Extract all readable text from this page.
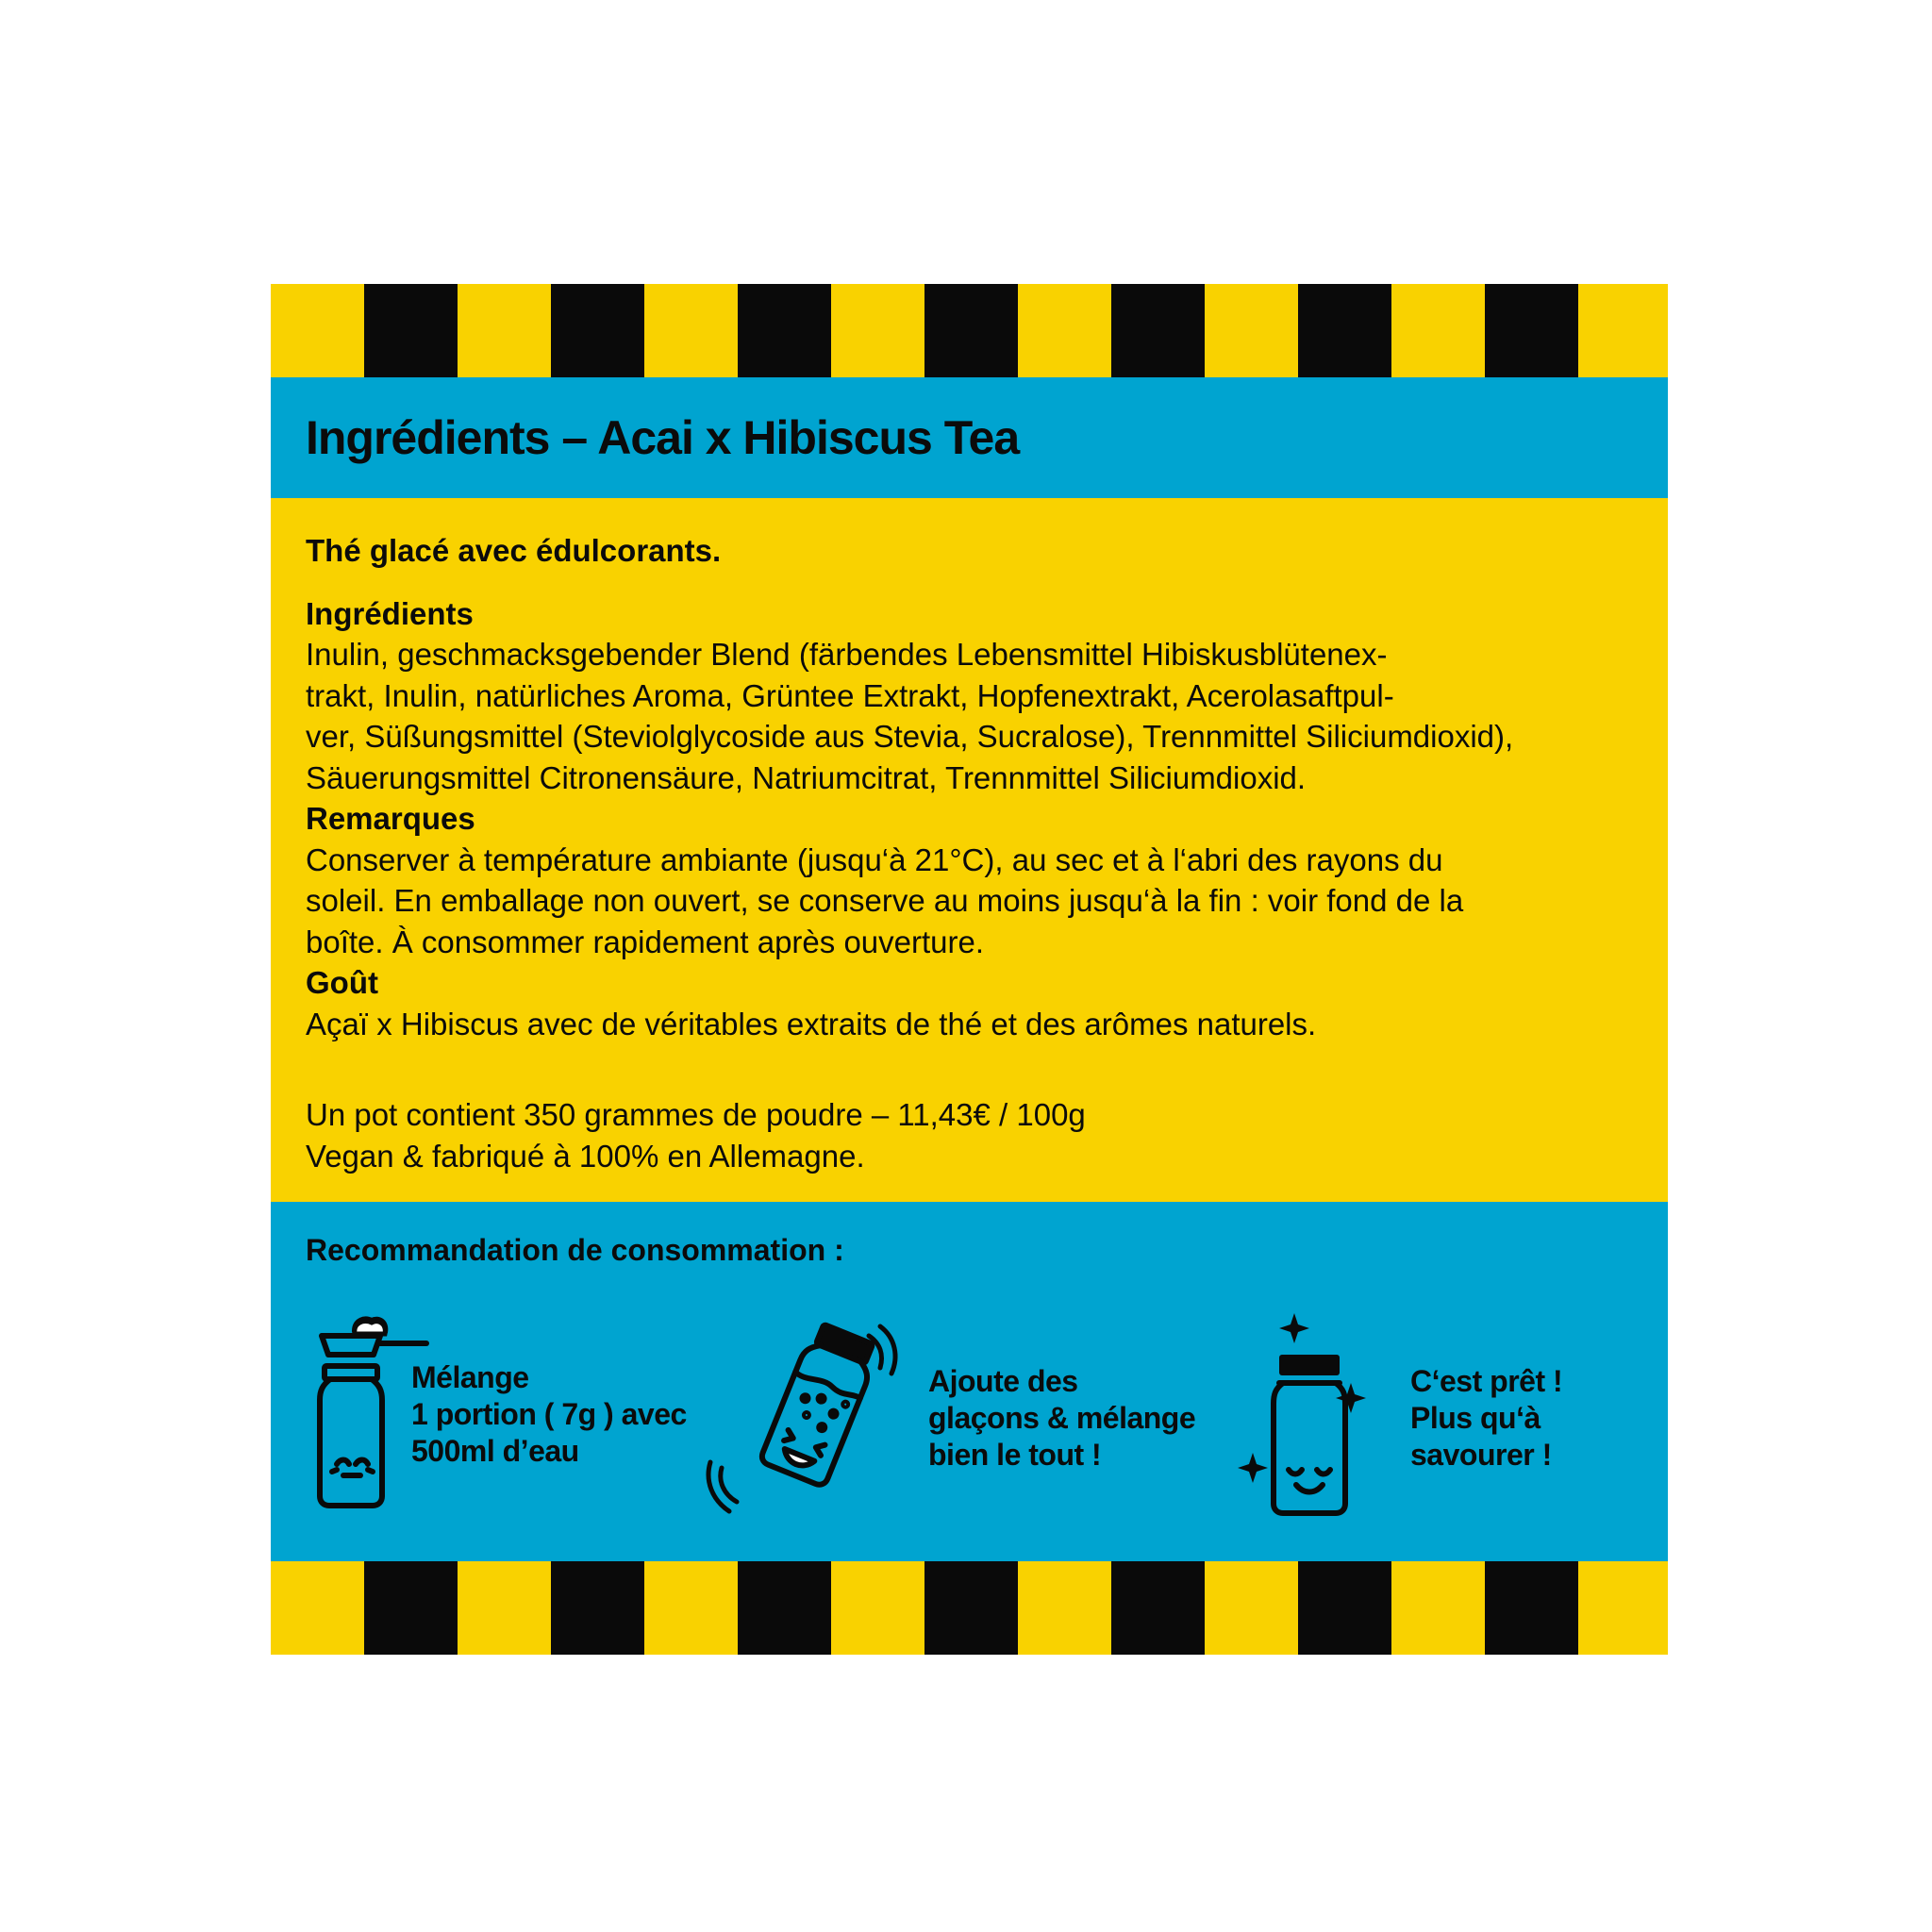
Ingrédients – Acai x Hibiscus Tea

Thé glacé avec édulcorants.

Ingrédients

Inulin, geschmacksgebender Blend (färbendes Lebensmittel Hibiskusblütenex-
trakt, Inulin, natürliches Aroma, Grüntee Extrakt, Hopfenextrakt, Acerolasaftpul-
ver, Süßungsmittel (Steviolglycoside aus Stevia, Sucralose), Trennmittel Siliciumdioxid),
Säuerungsmittel Citronensäure, Natriumcitrat, Trennmittel Siliciumdioxid.

Remarques

Conserver à température ambiante (jusqu‘à 21°C), au sec et à l‘abri des rayons du
soleil. En emballage non ouvert, se conserve au moins jusqu‘à la fin : voir fond de la
boîte. À consommer rapidement après ouverture.

Goût

Açaï x Hibiscus avec de véritables extraits de thé et des arômes naturels.

Un pot contient 350 grammes de poudre – 11,43€ / 100g
Vegan & fabriqué à 100% en Allemagne.

Recommandation de consommation :

Mélange
1 portion ( 7g ) avec
500ml d’eau
Ajoute des
glaçons & mélange
bien le tout !
C‘est prêt !
Plus qu‘à
savourer !
